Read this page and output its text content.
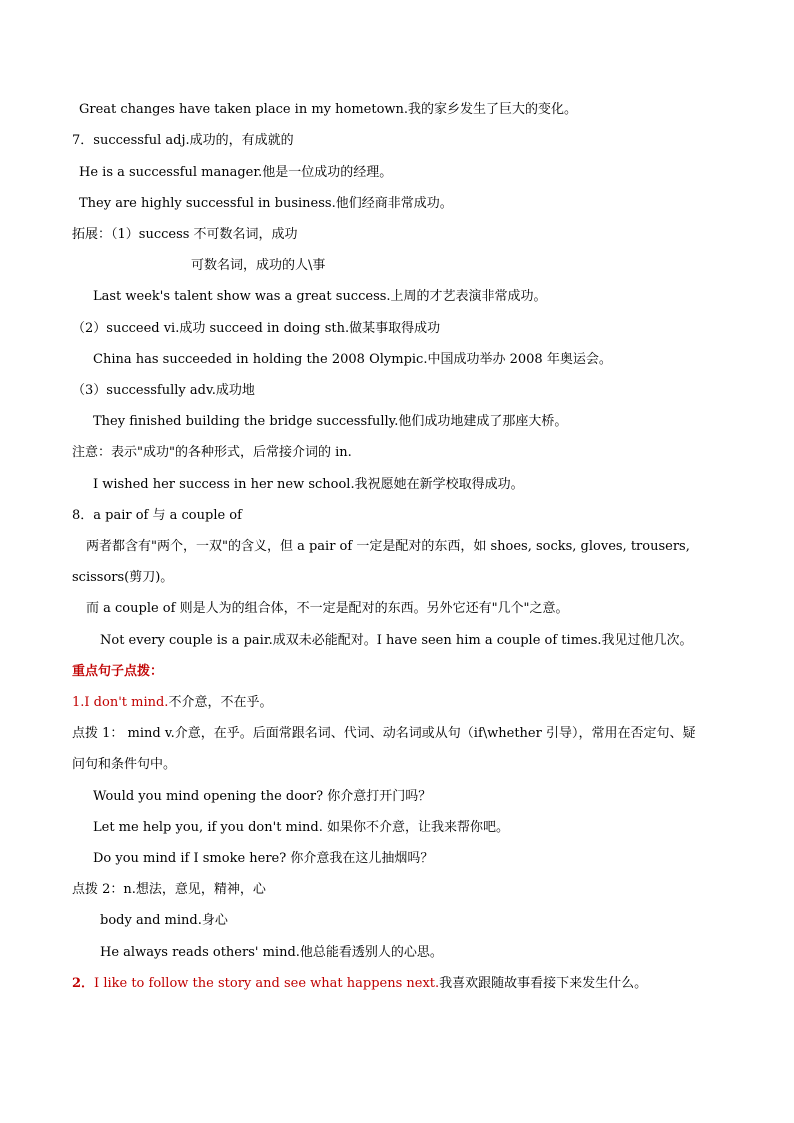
Great changes have taken place in my hometown.我的家乡发生了巨大的变化。
7．successful adj.成功的，有成就的
He is a successful manager.他是一位成功的经理。
They are highly successful in business.他们经商非常成功。
拓展：（1）success 不可数名词，成功
可数名词，成功的人\事
Last week's talent show was a great success.上周的才艺表演非常成功。
（2）succeed vi.成功 succeed in doing sth.做某事取得成功
China has succeeded in holding the 2008 Olympic.中国成功举办 2008 年奥运会。
（3）successfully adv.成功地
They finished building the bridge successfully.他们成功地建成了那座大桥。
注意：表示"成功"的各种形式，后常接介词的 in.
I wished her success in her new school.我祝愿她在新学校取得成功。
8．a pair of 与 a couple of
两者都含有"两个，一双"的含义，但 a pair of 一定是配对的东西，如 shoes, socks, gloves, trousers,
scissors(剪刀)。
而 a couple of 则是人为的组合体，不一定是配对的东西。另外它还有"几个"之意。
Not every couple is a pair.成双未必能配对。I have seen him a couple of times.我见过他几次。
重点句子点拨：
1.I don't mind.不介意，不在乎。
点拨 1： mind v.介意，在乎。后面常跟名词、代词、动名词或从句（if\whether 引导），常用在否定句、疑
问句和条件句中。
Would you mind opening the door? 你介意打开门吗？
Let me help you, if you don't mind. 如果你不介意，让我来帮你吧。
Do you mind if I smoke here? 你介意我在这儿抽烟吗？
点拨 2：n.想法，意见，精神，心
body and mind.身心
He always reads others' mind.他总能看透别人的心思。
2．I like to follow the story and see what happens next.我喜欢跟随故事看接下来发生什么。
